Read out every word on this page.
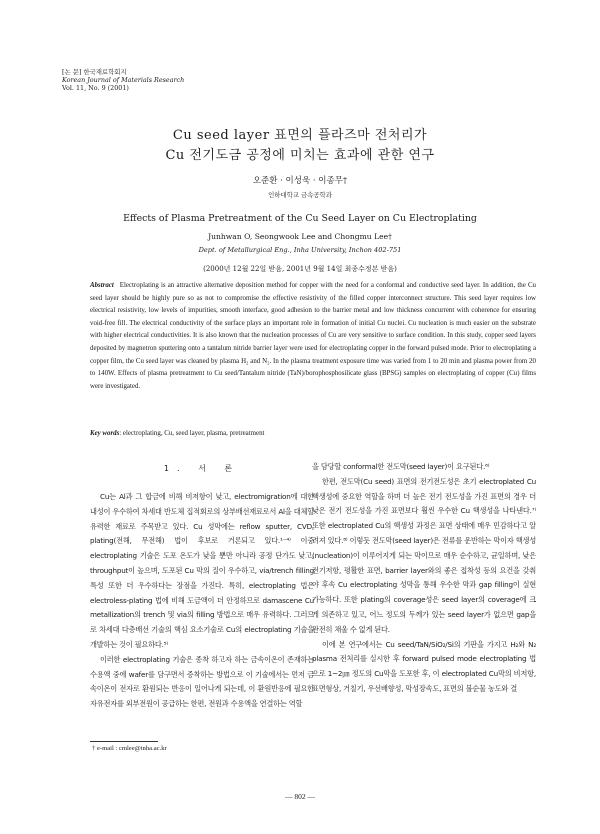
[논 문] 한국재료학회지
Korean Journal of Materials Research
Vol. 11, No. 9 (2001)
Cu seed layer 표면의 플라즈마 전처리가
Cu 전기도금 공정에 미치는 효과에 관한 연구
오준환 · 이성욱 · 이종무†
인하대학교 금속공학과
Effects of Plasma Pretreatment of the Cu Seed Layer on Cu Electroplating
Junhwan O, Seongwook Lee and Chongmu Lee†
Dept. of Metallurgical Eng., Inha University, Inchon 402-751
(2000년 12월 22일 받음, 2001년 9월 14일 최종수정본 받음)
Abstract Electroplating is an attractive alternative deposition method for copper with the need for a conformal and conductive seed layer. In addition, the Cu seed layer should be highly pure so as not to compromise the effective resistivity of the filled copper interconnect structure. This seed layer requires low electrical resistivity, low levels of impurities, smooth interface, good adhesion to the barrier metal and low thickness concurrent with coherence for ensuring void-free fill. The electrical conductivity of the surface plays an important role in formation of initial Cu nuclei. Cu nucleation is much easier on the substrate with higher electrical conductivities. It is also known that the nucleation processes of Cu are very sensitive to surface condition. In this study, copper seed layers deposited by magnetron sputtering onto a tantalum nitride barrier layer were used for electroplating copper in the forward pulsed mode. Prior to electroplating a copper film, the Cu seed layer was cleaned by plasma H₂ and N₂. In the plasma treatment exposure time was varied from 1 to 20 min and plasma power from 20 to 140W. Effects of plasma pretreatment to Cu seed/Tantalum nitride (TaN)/borophosphosilicate glass (BPSG) samples on electroplating of copper (Cu) films were investigated.
Key words: electroplating, Cu, seed layer, plasma, pretreatment
1. 서 론

Cu는 Al과 그 합금에 비해 비저항이 낮고, electromigration에 대한 내성이 우수하여 차세대 반도체 집적회로의 상부배선재료로서 Al을 대체할 유력한 재료로 주목받고 있다. Cu 성막에는 reflow sputter, CVD, plating(전해, 무전해) 법이 후보로 거론되고 있다.¹⁻⁴⁾ 이중 electroplating 기술은 도포 온도가 낮을 뿐만 아니라 공정 단가도 낮고, throughput이 높으며, 도포된 Cu 막의 질이 우수하고, via/trench filling 특성 또한 더 우수하다는 장점을 가진다. 특히, electroplating 법은 electroless-plating 법에 비해 도금액이 더 안정하므로 damascene Cu metallization의 trench 및 via의 filling 방법으로 매우 유력하다. 그러므로 차세대 다층배선 기술의 핵심 요소기술로 Cu의 electroplating 기술을 개발하는 것이 필요하다.⁵⁾

이러한 electroplating 기술은 종착 하고자 하는 금속이온이 존재하는 수용액 중에 wafer를 담구면서 증착하는 방법으로 이 기술에서는 먼저 금속이온이 전자로 환원되는 반응이 일어나게 되는데, 이 환원반응에 필요한 자유전자를 외부전원이 공급하는 한편, 전원과 수용액을 연결하는 역할

을 담당할 conformal한 전도막(seed layer)이 요구된다.⁶⁾

한편, 전도막(Cu seed) 표면의 전기전도성은 초기 electroplated Cu 핵생성에 중요한 역할을 하며 더 높은 전기 전도성을 가진 표면의 경우 더 낮은 전기 전도성을 가진 표면보다 훨씬 우수한 Cu 핵생성을 나타낸다.⁷⁾ 또한 electroplated Cu의 핵생성 과정은 표면 상태에 매우 민감하다고 알려져 있다.⁸⁾ 이렇듯 전도막(seed layer)은 전류를 운반하는 막이자 핵생성(nucleation)이 이루어지게 되는 막이므로 매우 순수하고, 균일하며, 낮은 전기저항, 평활한 표면, barrier layer와의 좋은 접착성 등의 요건을 갖춰야 후속 Cu electroplating 성막을 통해 우수한 막과 gap filling이 실현 가능하다. 또한 plating의 coverage성은 seed layer의 coverage에 크게 의존하고 있고, 어느 정도의 두께가 있는 seed layer가 없으면 gap을 완전히 채울 수 없게 된다.

이에 본 연구에서는 Cu seed/TaN/SiO₂/Si의 기판을 가지고 H₂와 N₂ plasma 전처리를 실시한 후 forward pulsed mode electroplating 법으로 1~2㎛ 정도의 Cu막을 도포한 후, 이 electroplated Cu막의 비저항, 표면형상, 거칠기, 우선배향성, 막성장속도, 표면의 불순물 농도와 결

† e-mail : cmlee@inha.ac.kr
— 802 —
